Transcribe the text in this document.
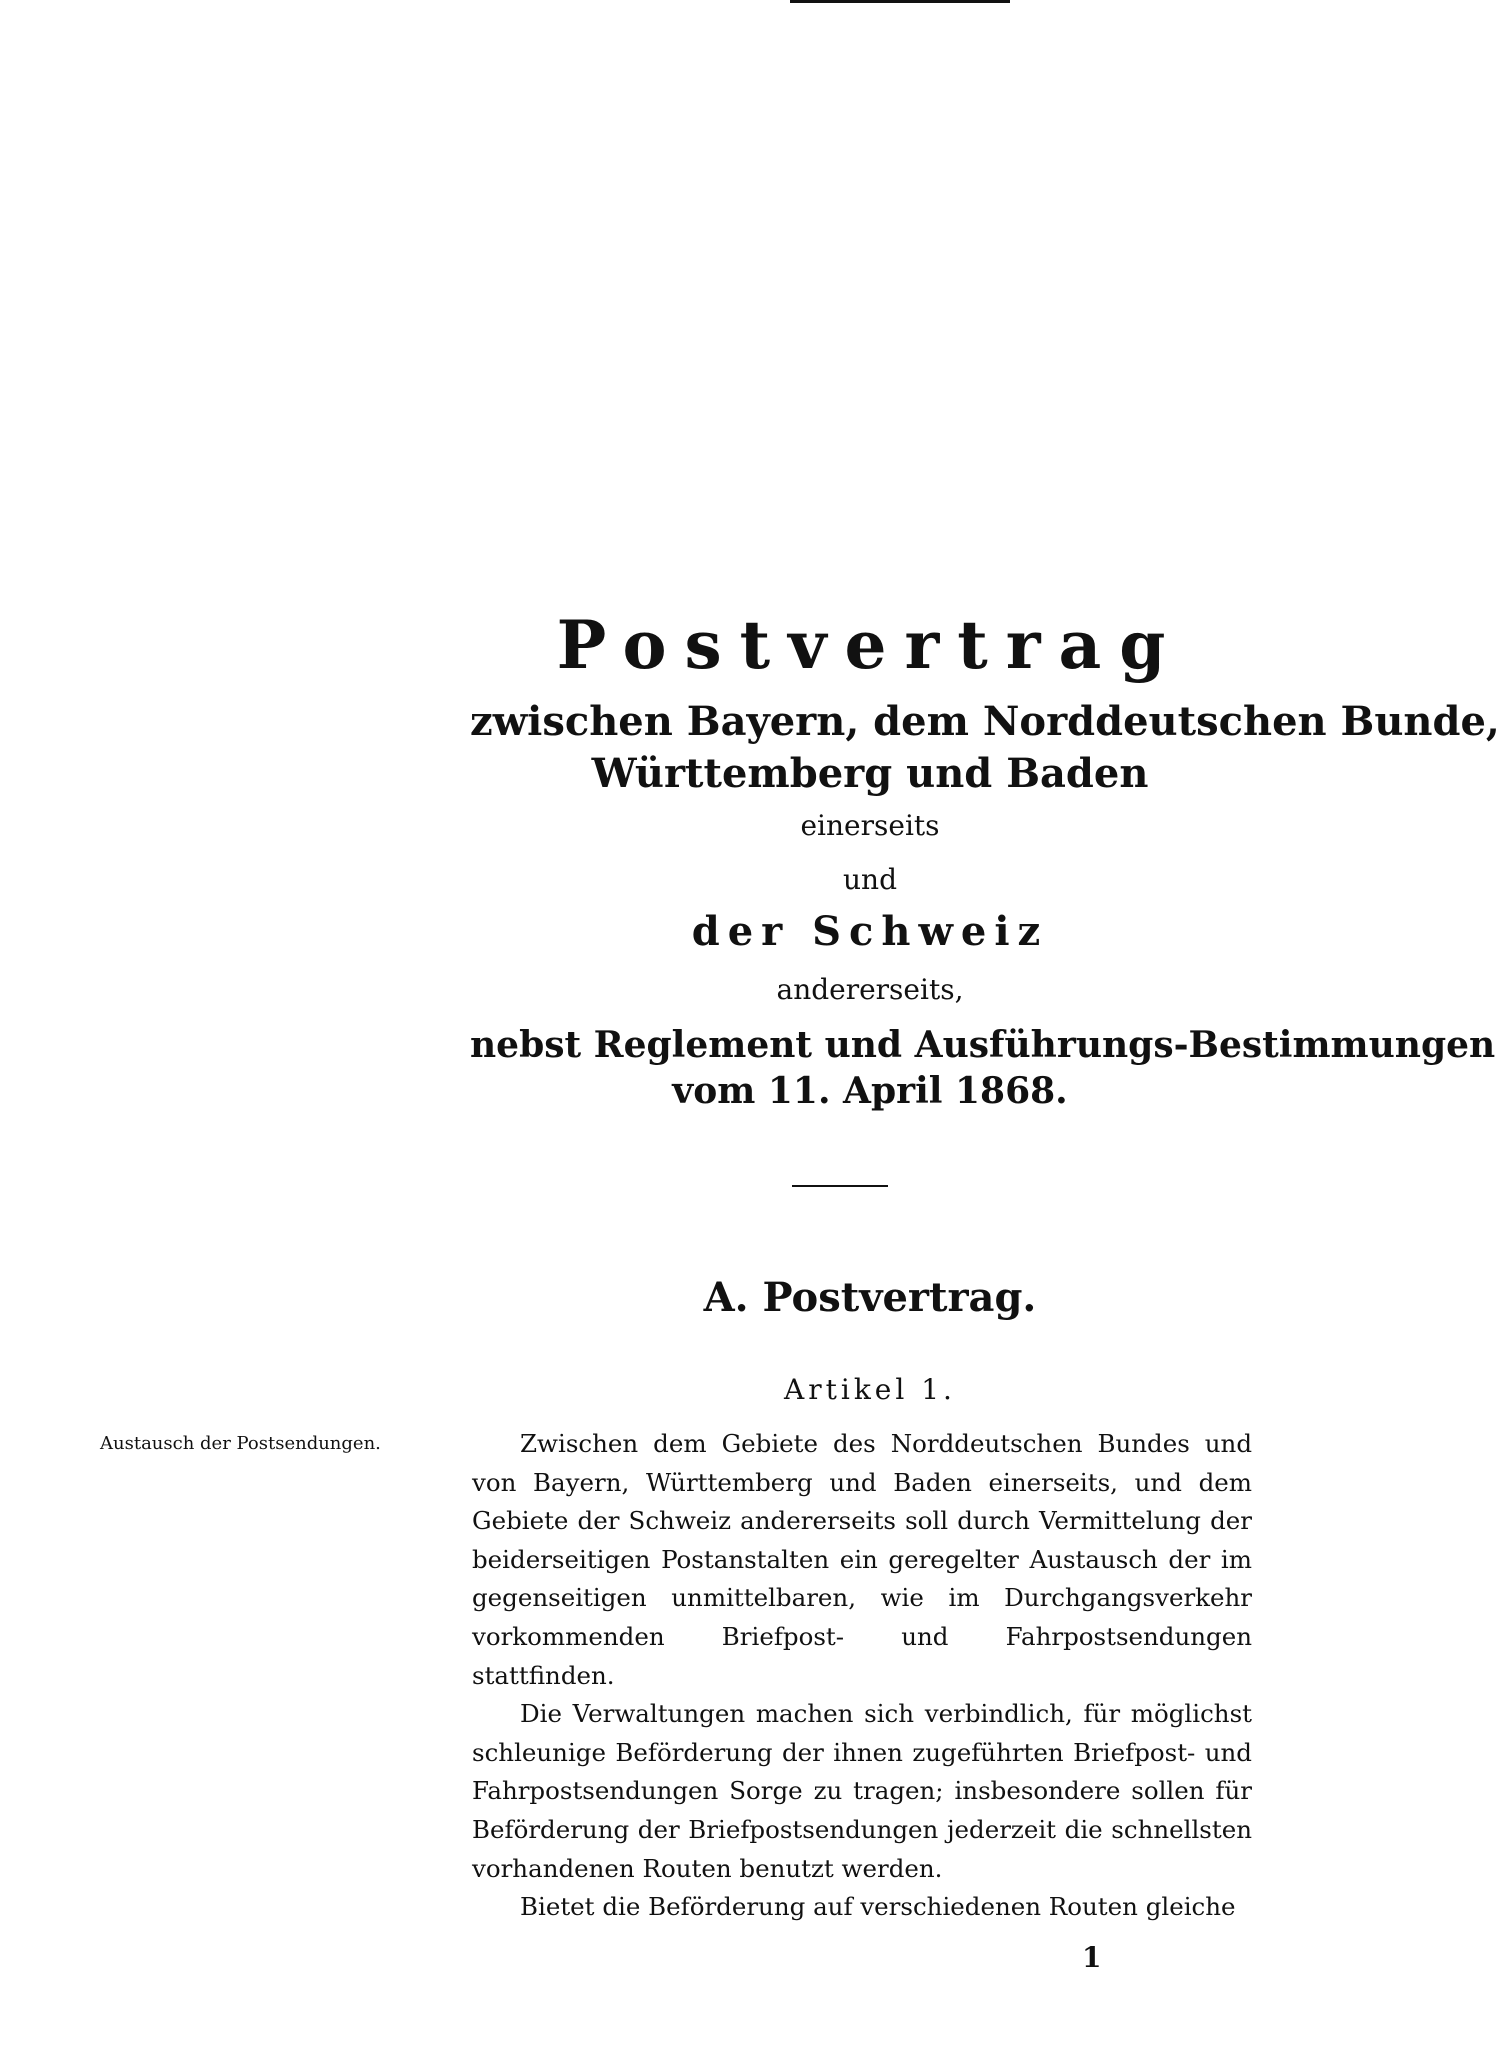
Postvertrag
zwischen Bayern, dem Norddeutschen Bunde,
Württemberg und Baden
einerseits
und
der Schweiz
andererseits,
nebst Reglement und Ausführungs-Bestimmungen
vom 11. April 1868.
A. Postvertrag.
Artikel 1.
Austausch der Postsendungen.	Zwischen dem Gebiete des Norddeutschen Bundes und von Bayern, Württemberg und Baden einerseits, und dem Gebiete der Schweiz andererseits soll durch Vermittelung der beiderseitigen Postanstalten ein geregelter Austausch der im gegenseitigen unmittelbaren, wie im Durchgangsverkehr vorkommenden Briefpost- und Fahrpostsendungen stattfinden.

Die Verwaltungen machen sich verbindlich, für möglichst schleunige Beförderung der ihnen zugeführten Briefpost- und Fahrpostsendungen Sorge zu tragen; insbesondere sollen für Beförderung der Briefpostsendungen jederzeit die schnellsten vorhandenen Routen benutzt werden.

Bietet die Beförderung auf verschiedenen Routen gleiche

1
